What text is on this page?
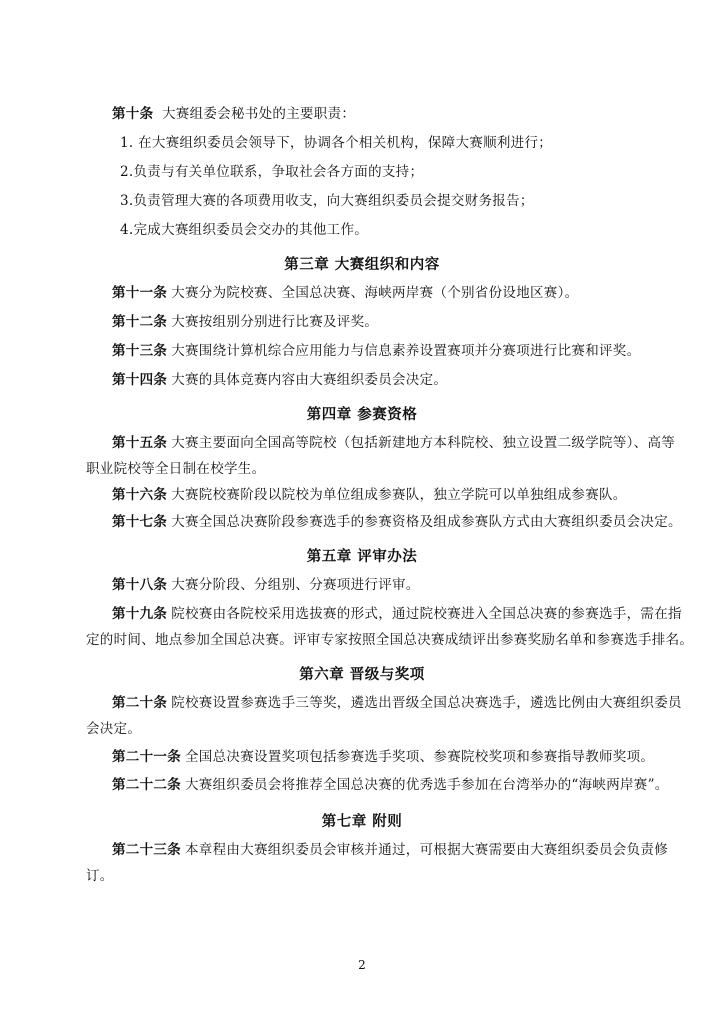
第十条 大赛组委会秘书处的主要职责：
1. 在大赛组织委员会领导下，协调各个相关机构，保障大赛顺利进行；
2.负责与有关单位联系，争取社会各方面的支持；
3.负责管理大赛的各项费用收支，向大赛组织委员会提交财务报告；
4.完成大赛组织委员会交办的其他工作。
第三章 大赛组织和内容
第十一条 大赛分为院校赛、全国总决赛、海峡两岸赛（个别省份设地区赛）。
第十二条 大赛按组别分别进行比赛及评奖。
第十三条 大赛围绕计算机综合应用能力与信息素养设置赛项并分赛项进行比赛和评奖。
第十四条 大赛的具体竞赛内容由大赛组织委员会决定。
第四章 参赛资格
第十五条 大赛主要面向全国高等院校（包括新建地方本科院校、独立设置二级学院等）、高等
职业院校等全日制在校学生。
第十六条 大赛院校赛阶段以院校为单位组成参赛队，独立学院可以单独组成参赛队。
第十七条 大赛全国总决赛阶段参赛选手的参赛资格及组成参赛队方式由大赛组织委员会决定。
第五章 评审办法
第十八条 大赛分阶段、分组别、分赛项进行评审。
第十九条 院校赛由各院校采用选拔赛的形式，通过院校赛进入全国总决赛的参赛选手，需在指
定的时间、地点参加全国总决赛。评审专家按照全国总决赛成绩评出参赛奖励名单和参赛选手排名。
第六章 晋级与奖项
第二十条 院校赛设置参赛选手三等奖，遴选出晋级全国总决赛选手，遴选比例由大赛组织委员
会决定。
第二十一条 全国总决赛设置奖项包括参赛选手奖项、参赛院校奖项和参赛指导教师奖项。
第二十二条 大赛组织委员会将推荐全国总决赛的优秀选手参加在台湾举办的“海峡两岸赛”。
第七章 附则
第二十三条 本章程由大赛组织委员会审核并通过，可根据大赛需要由大赛组织委员会负责修
订。
2
